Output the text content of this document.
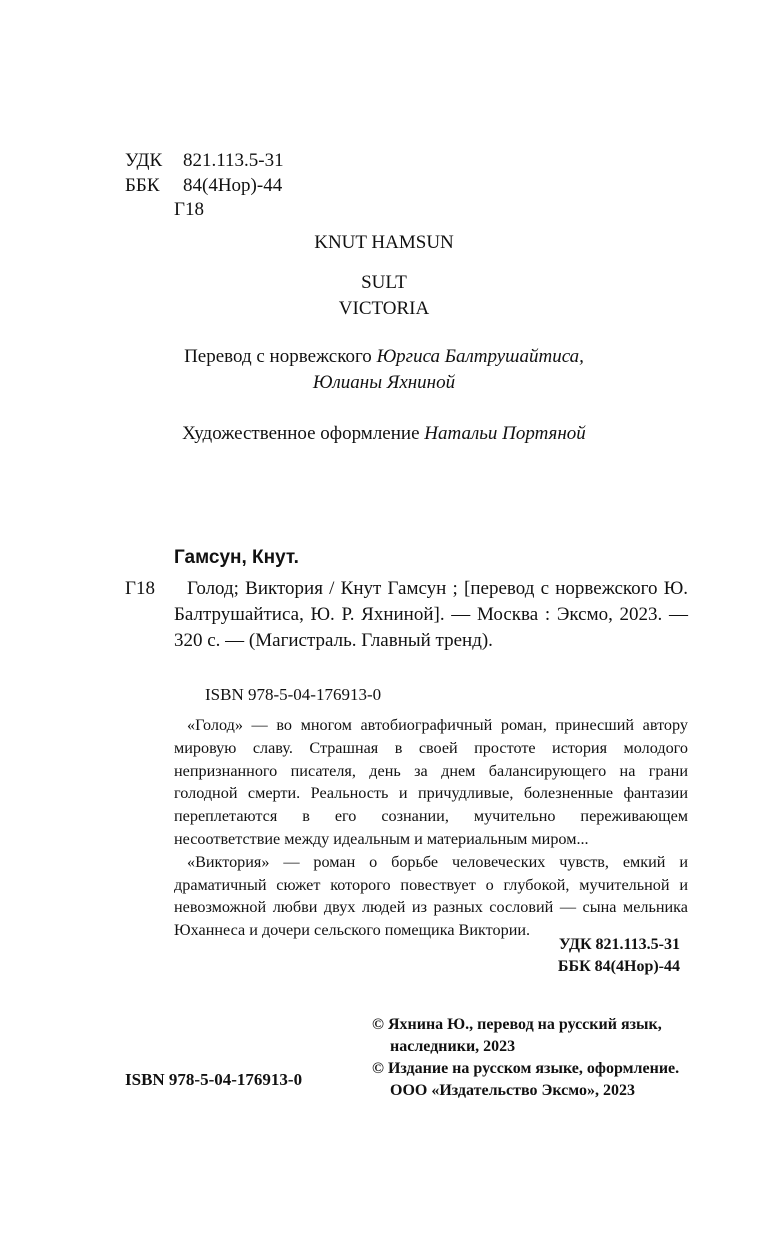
УДК 821.113.5-31
ББК 84(4Нор)-44
Г18
KNUT HAMSUN
SULT
VICTORIA
Перевод с норвежского Юргиса Балтрушайтиса,
Юлианы Яхниной
Художественное оформление Натальи Портяной
Гамсун, Кнут.
Г18	Голод; Виктория / Кнут Гамсун ; [перевод с норвежского Ю. Балтрушайтиса, Ю. Р. Яхниной]. — Москва : Эксмо, 2023. — 320 с. — (Магистраль. Главный тренд).
ISBN 978-5-04-176913-0

«Голод» — во многом автобиографичный роман, принесший автору мировую славу. Страшная в своей простоте история молодого непризнанного писателя, день за днем балансирующего на грани голодной смерти. Реальность и причудливые, болезненные фантазии переплетаются в его сознании, мучительно переживающем несоответствие между идеальным и материальным миром...

«Виктория» — роман о борьбе человеческих чувств, емкий и драматичный сюжет которого повествует о глубокой, мучительной и невозможной любви двух людей из разных сословий — сына мельника Юханнеса и дочери сельского помещика Виктории.

УДК 821.113.5-31
ББК 84(4Нор)-44
© Яхнина Ю., перевод на русский язык,
наследники, 2023
© Издание на русском языке, оформление.
ООО «Издательство Эксмо», 2023
ISBN 978-5-04-176913-0
